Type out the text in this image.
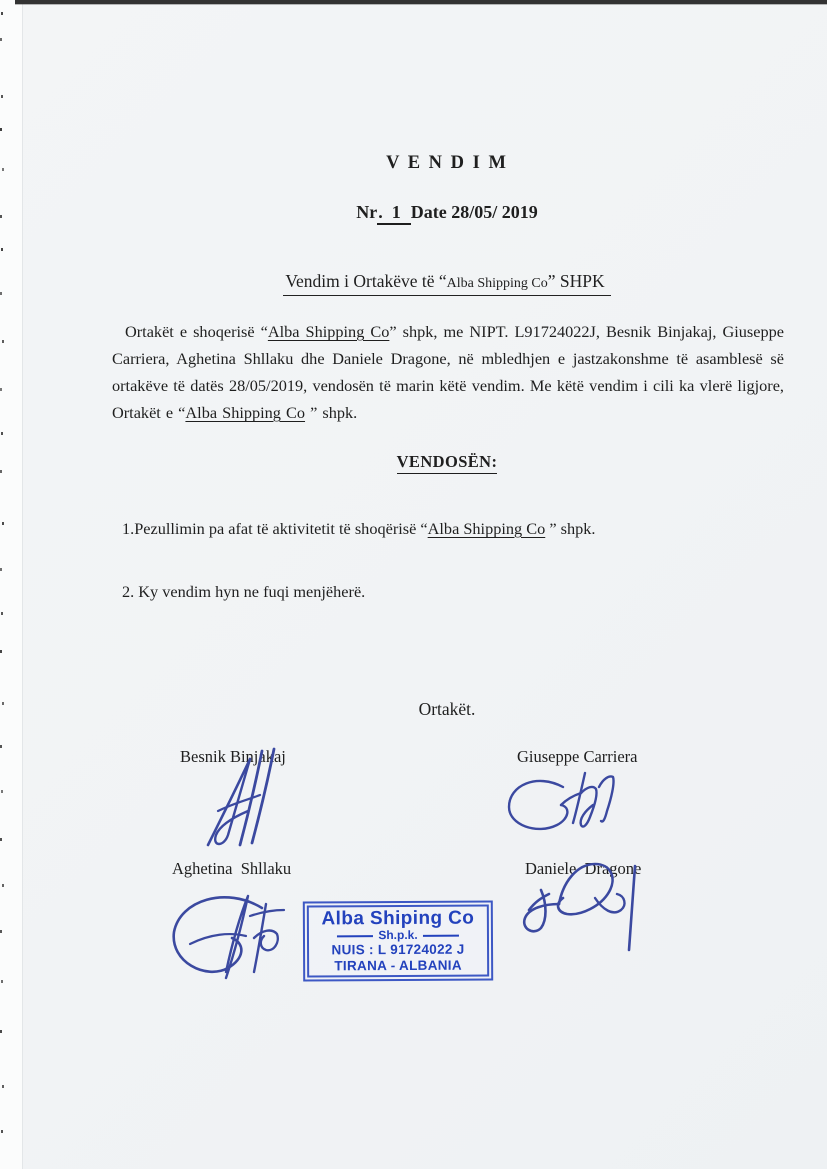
V E N D I M
Nr.  1  Date 28/05/ 2019
Vendim i Ortakëve të “Alba Shipping Co” SHPK

Ortakët e shoqerisë “Alba Shipping Co” shpk, me NIPT. L91724022J, Besnik Binjakaj, Giuseppe Carriera, Aghetina Shllaku dhe Daniele Dragone, në mbledhjen e jastzakonshme të asamblesë së ortakëve të datës 28/05/2019, vendosën të marin këtë vendim. Me këtë vendim i cili ka vlerë ligjore, Ortakët e “Alba Shipping Co ” shpk.

VENDOSËN:

1.Pezullimin pa afat të aktivitetit të shoqërisë “Alba Shipping Co ” shpk.

2. Ky vendim hyn ne fuqi menjëherë.

Ortakët.
Besnik Binjakaj	Giuseppe Carriera
Aghetina  Shllaku	Daniele  Dragone
Alba Shiping Co
Sh.p.k.
NUIS : L 91724022 J
TIRANA - ALBANIA
